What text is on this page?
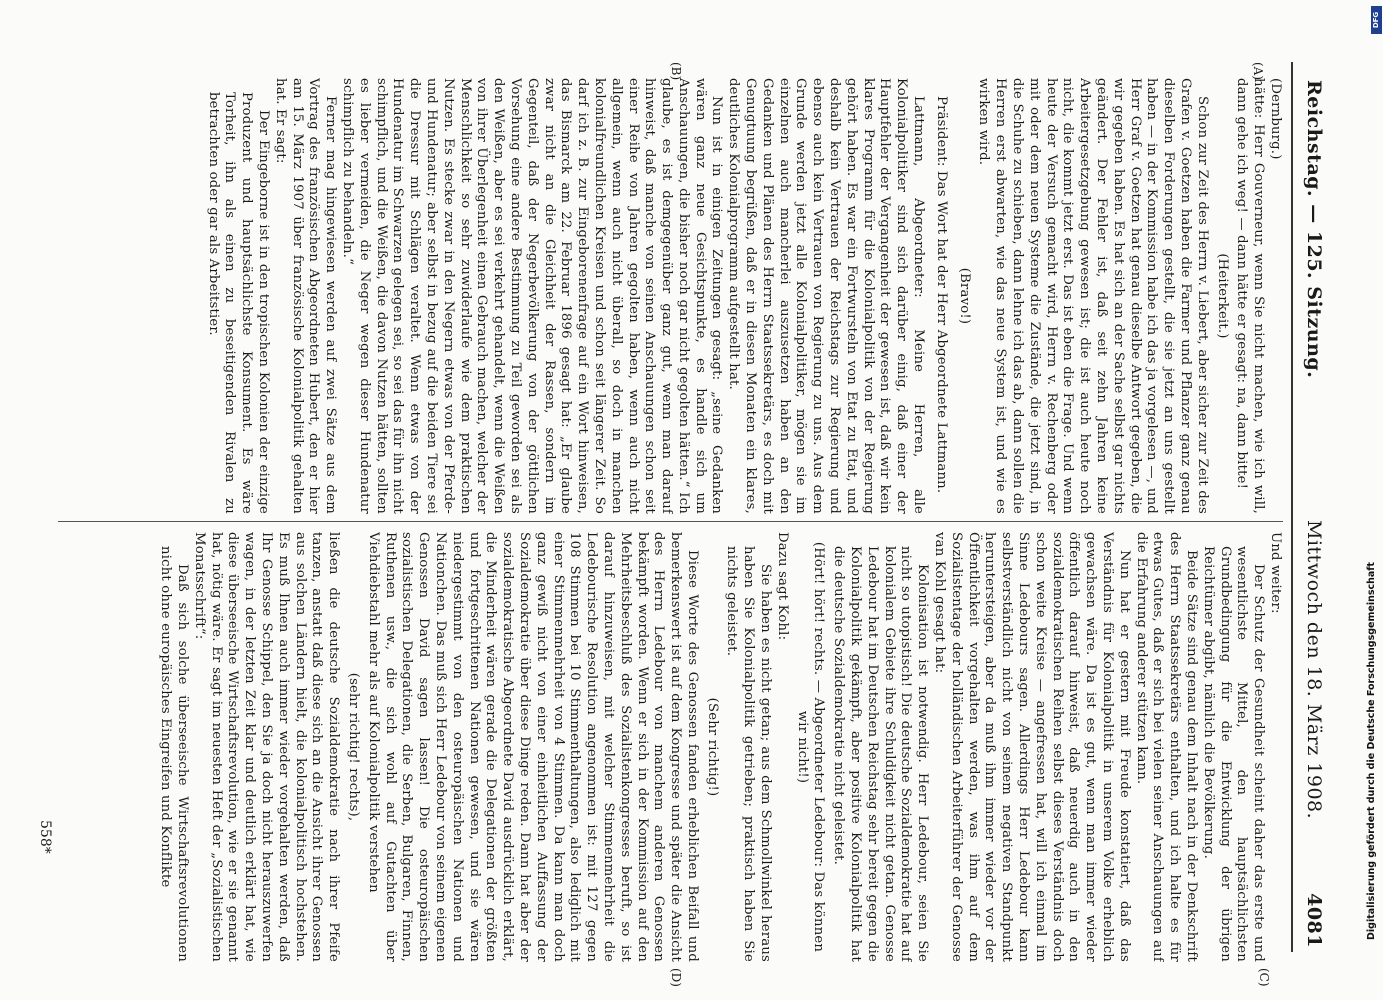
Reichstag. — 125. Sitzung.
Mittwoch den 18. März 1908.
4081
(A)
(B)
(C)
(D)

(Dernburg.)

hätte: Herr Gouverneur, wenn Sie nicht machen, wie ich will, dann gehe ich weg! — dann hätte er gesagt: na, dann bitte!

(Heiterkeit.)

Schon zur Zeit des Herrn v. Liebert, aber sicher zur Zeit des Grafen v. Goetzen haben die Farmer und Pflanzer ganz genau dieselben Forderungen gestellt, die sie jetzt an uns gestellt haben — in der Kommission habe ich das ja vorgelesen —, und Herr Graf v. Goetzen hat genau dieselbe Antwort gegeben, die wir gegeben haben. Es hat sich an der Sache selbst gar nichts geändert. Der Fehler ist, daß seit zehn Jahren keine Arbeitergesetzgebung gewesen ist; die ist auch heute noch nicht, die kommt jetzt erst. Das ist eben die Frage. Und wenn heute der Versuch gemacht wird, Herrn v. Rechenberg oder mit oder dem neuen Systeme die Zustände, die jetzt sind, in die Schuhe zu schieben, dann lehne ich das ab, dann sollen die Herren erst abwarten, wie das neue System ist, und wie es wirken wird.

(Bravo!)

Präsident: Das Wort hat der Herr Abgeordnete Lattmann.

Lattmann, Abgeordneter: Meine Herren, alle Kolonialpolitiker sind sich darüber einig, daß einer der Hauptfehler der Vergangenheit der gewesen ist, daß wir kein klares Programm für die Kolonialpolitik von der Regierung gehört haben. Es war ein Fortwursteln von Etat zu Etat, und deshalb kein Vertrauen der Reichstags zur Regierung und ebenso auch kein Vertrauen von Regierung zu uns. Aus dem Grunde werden jetzt alle Kolonialpolitiker, mögen sie im einzelnen auch mancherlei auszusetzen haben an den Gedanken und Plänen des Herrn Staatssekretärs, es doch mit Genugtuung begrüßen, daß er in diesen Monaten ein klares, deutliches Kolonialprogramm aufgestellt hat.

Nun ist in einigen Zeitungen gesagt: „seine Gedanken wären ganz neue Gesichtspunkte, es handle sich um Anschauungen, die bisher noch gar nicht gegolten hätten.“ Ich glaube, es ist demgegenüber ganz gut, wenn man darauf hinweist, daß manche von seinen Anschauungen schon seit einer Reihe von Jahren gegolten haben, wenn auch nicht allgemein, wenn auch nicht überall, so doch in manchen kolonialfreundlichen Kreisen und schon seit längerer Zeit. So darf ich z. B. zur Eingeborenenfrage auf ein Wort hinweisen, das Bismarck am 22. Februar 1896 gesagt hat: „Er glaube zwar nicht an die Gleichheit der Rassen, sondern im Gegenteil, daß der Negerbevölkerung von der göttlichen Vorsehung eine andere Bestimmung zu Teil geworden sei als den Weißen, aber es sei verkehrt gehandelt, wenn die Weißen von ihrer Überlegenheit einen Gebrauch machen, welcher der Menschlichkeit so sehr zuwiderlaufe wie dem praktischen Nutzen. Es stecke zwar in den Negern etwas von der Pferde- und Hundenatur; aber selbst in bezug auf die beiden Tiere sei die Dressur mit Schlägen veraltet. Wenn etwas von der Hundenatur im Schwarzen gelegen sei, so sei das für ihn nicht schimpflich, und die Weißen, die davon Nutzen hätten, sollten es lieber vermeiden, die Neger wegen dieser Hundenatur schimpflich zu behandeln.“

Ferner mag hingewiesen werden auf zwei Sätze aus dem Vortrag des französischen Abgeordneten Hubert, den er hier am 15. März 1907 über französische Kolonialpolitik gehalten hat. Er sagt:

Der Eingeborne ist in den tropischen Kolonien der einzige Produzent und hauptsächlichste Konsument. Es wäre Torheit, ihn als einen zu beseitigenden Rivalen zu betrachten oder gar als Arbeitstier.

Und weiter:

Der Schutz der Gesundheit scheint daher das erste und wesentlichste Mittel, den hauptsächlichsten Grundbedingung für die Entwicklung der übrigen Reichtümer abgibt, nämlich die Bevölkerung.

Beide Sätze sind genau dem Inhalt nach in der Denkschrift des Herrn Staatssekretärs enthalten, und ich halte es für etwas Gutes, daß er sich bei vielen seiner Anschauungen auf die Erfahrung anderer stützen kann.

Nun hat er gestern mit Freude konstatiert, daß das Verständnis für Kolonialpolitik in unserem Volke erheblich gewachsen wäre. Da ist es gut, wenn man immer wieder öffentlich darauf hinweist, daß neuerdig auch in den sozialdemokratischen Reihen selbst dieses Verständnis doch schon weite Kreise — angefressen hat, will ich einmal im Sinne Ledebours sagen. Allerdings Herr Ledebour kann selbstverständlich nicht von seinem negativen Standpunkt heruntersteigen, aber da muß ihm immer wieder vor der Öffentlichkeit vorgehalten werden, was ihm auf dem Sozialistentage der holländischen Arbeiterführer der Genosse van Kohl gesagt hat:

Kolonisation ist notwendig. Herr Ledebour, seien Sie nicht so utopistisch! Die deutsche Sozialdemokratie hat auf kolonialem Gebiete ihre Schuldigkeit nicht getan. Genosse Ledebour hat im Deutschen Reichstag sehr bereit gegen die Kolonialpolitik gekämpft, aber positive Kolonialpolitik hat die deutsche Sozialdemokratie nicht geleistet.

(Hört! hört! rechts. — Abgeordneter Ledebour: Das können wir nicht!)

Dazu sagt Kohl:

Sie haben es nicht getan; aus dem Schmollwinkel heraus haben Sie Kolonialpolitik getrieben; praktisch haben Sie nichts geleistet.

(Sehr richtig!)

Diese Worte des Genossen fanden erheblichen Beifall und bemerkenswert ist auf dem Kongresse und später die Ansicht des Herrn Ledebour von manchem anderen Genossen bekämpft worden. Wenn er sich in der Kommission auf den Mehrheitsbeschluß des Sozialistenkongresses beruft, so ist darauf hinzuweisen, mit welcher Stimmenmehrheit die Ledebourische Resolution angenommen ist: mit 127 gegen 108 Stimmen bei 10 Stimmenthaltungen, also lediglich mit einer Stimmenmehrheit von 4 Stimmen. Da kann man doch ganz gewiß nicht von einer einheitlichen Auffassung der Sozialdemokratie über diese Dinge reden. Dann hat aber der sozialdemokratische Abgeordnete David ausdrücklich erklärt, die Minderheit wären gerade die Delegationen der größten und fortgeschrittenen Nationen gewesen, und sie wären niedergestimmt von den osteuropäischen Nationen und Nationchen. Das muß sich Herr Ledebour von seinem eigenen Genossen David sagen lassen! Die osteuropäischen sozialistischen Delegationen, die Serben, Bulgaren, Finnen, Ruthenen usw., die sich wohl auf Gutachten über Viehdiebstahl mehr als auf Kolonialpolitik verstehen

(sehr richtig! rechts),

ließen die deutsche Sozialdemokratie nach ihrer Pfeife tanzen, anstatt daß diese sich an die Ansicht ihrer Genossen aus solchen Ländern hielt, die kolonialpolitisch hochstehen. Es muß Ihnen auch immer wieder vorgehalten werden, daß Ihr Genosse Schippel, den Sie ja doch nicht herauszuwerfen wagen, in der letzten Zeit klar und deutlich erklärt hat, wie diese überseeische Wirtschaftsrevolution, wie er sie genannt hat, nötig wäre. Er sagt im neuesten Heft der „Sozialistischen Monatsschrift“:

Daß sich solche überseeische Wirtschaftsrevolutionen nicht ohne europäisches Eingreifen und Konflikte

558*
DFG
Digitalisierung gefördert durch die Deutsche Forschungsgemeinschaft
